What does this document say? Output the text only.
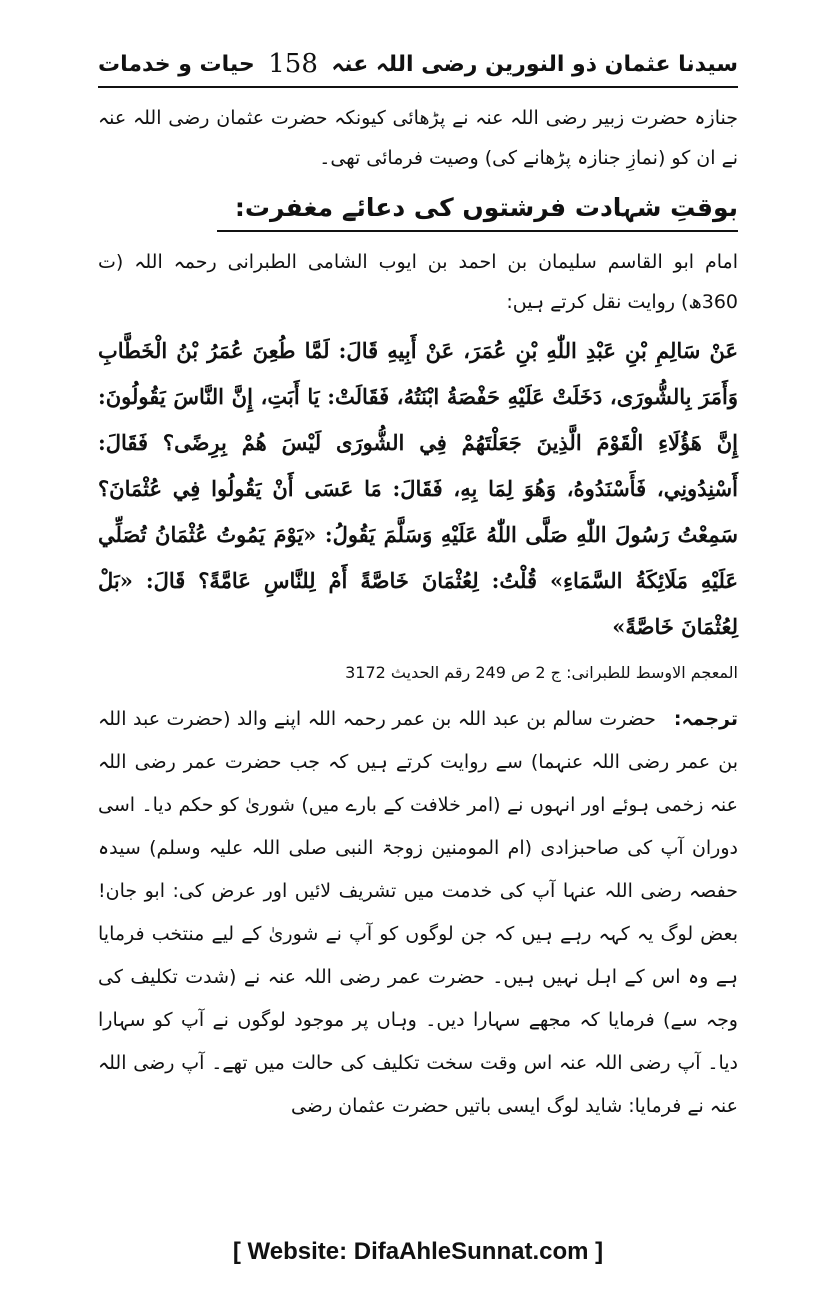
حیات و خدمات 158 سیدنا عثمان ذو النورین رضی اللہ عنہ

جنازہ حضرت زبیر رضی اللہ عنہ نے پڑھائی کیونکہ حضرت عثمان رضی اللہ عنہ نے ان کو (نمازِ جنازہ پڑھانے کی) وصیت فرمائی تھی۔

بوقتِ شہادت فرشتوں کی دعائے مغفرت:

امام ابو القاسم سلیمان بن احمد بن ایوب الشامی الطبرانی رحمہ اللہ (ت 360ھ) روایت نقل کرتے ہیں:

عَنْ سَالِمِ بْنِ عَبْدِ اللّٰهِ بْنِ عُمَرَ، عَنْ أَبِيهِ قَالَ: لَمَّا طُعِنَ عُمَرُ بْنُ الْخَطَّابِ وَأَمَرَ بِالشُّورَى، دَخَلَتْ عَلَيْهِ حَفْصَةُ ابْنَتُهُ، فَقَالَتْ: يَا أَبَتِ، إِنَّ النَّاسَ يَقُولُونَ: إِنَّ هَؤُلَاءِ الْقَوْمَ الَّذِينَ جَعَلْتَهُمْ فِي الشُّورَى لَيْسَ هُمْ بِرِضًى؟ فَقَالَ: أَسْنِدُونِي، فَأَسْنَدُوهُ، وَهُوَ لِمَا بِهِ، فَقَالَ: مَا عَسَى أَنْ يَقُولُوا فِي عُثْمَانَ؟ سَمِعْتُ رَسُولَ اللّٰهِ صَلَّى اللّٰهُ عَلَيْهِ وَسَلَّمَ يَقُولُ: «يَوْمَ يَمُوتُ عُثْمَانُ تُصَلِّي عَلَيْهِ مَلَائِكَةُ السَّمَاءِ» قُلْتُ: لِعُثْمَانَ خَاصَّةً أَمْ لِلنَّاسِ عَامَّةً؟ قَالَ: «بَلْ لِعُثْمَانَ خَاصَّةً»

المعجم الاوسط للطبرانی: ج 2 ص 249 رقم الحدیث 3172

ترجمہ:حضرت سالم بن عبد اللہ بن عمر رحمہ اللہ اپنے والد (حضرت عبد اللہ بن عمر رضی اللہ عنہما) سے روایت کرتے ہیں کہ جب حضرت عمر رضی اللہ عنہ زخمی ہوئے اور انہوں نے (امر خلافت کے بارے میں) شوریٰ کو حکم دیا۔ اسی دوران آپ کی صاحبزادی (ام المومنین زوجۃ النبی صلی اللہ علیہ وسلم) سیدہ حفصہ رضی اللہ عنہا آپ کی خدمت میں تشریف لائیں اور عرض کی: ابو جان! بعض لوگ یہ کہہ رہے ہیں کہ جن لوگوں کو آپ نے شوریٰ کے لیے منتخب فرمایا ہے وہ اس کے اہل نہیں ہیں۔ حضرت عمر رضی اللہ عنہ نے (شدت تکلیف کی وجہ سے) فرمایا کہ مجھے سہارا دیں۔ وہاں پر موجود لوگوں نے آپ کو سہارا دیا۔ آپ رضی اللہ عنہ اس وقت سخت تکلیف کی حالت میں تھے۔ آپ رضی اللہ عنہ نے فرمایا: شاید لوگ ایسی باتیں حضرت عثمان رضی

[ Website: DifaAhleSunnat.com ]
